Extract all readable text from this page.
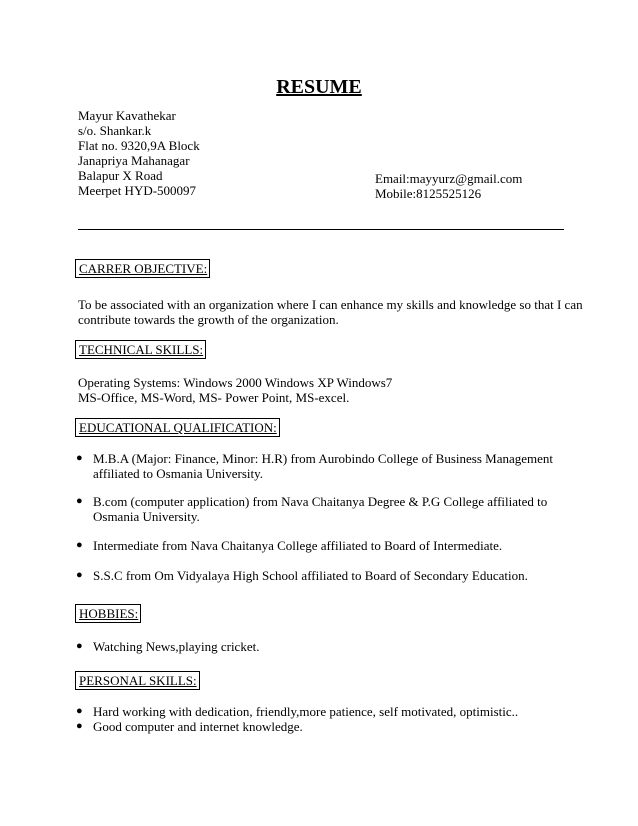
RESUME
Mayur Kavathekar
s/o. Shankar.k
Flat no. 9320,9A Block
Janapriya Mahanagar
Balapur X Road
Meerpet HYD-500097
Email:mayyurz@gmail.com
Mobile:8125525126
CARRER OBJECTIVE:
To be associated with an organization where I can enhance my skills and knowledge so that I can
contribute towards the growth of the organization.
TECHNICAL SKILLS:
Operating Systems: Windows 2000 Windows XP Windows7
MS-Office, MS-Word, MS- Power Point, MS-excel.
EDUCATIONAL QUALIFICATION:
● M.B.A (Major: Finance, Minor: H.R) from Aurobindo College of Business Management
affiliated to Osmania University.
● B.com (computer application) from Nava Chaitanya Degree & P.G College affiliated to
Osmania University.
● Intermediate from Nava Chaitanya College affiliated to Board of Intermediate.
● S.S.C from Om Vidyalaya High School affiliated to Board of Secondary Education.
HOBBIES:
● Watching News,playing cricket.
PERSONAL SKILLS:
● Hard working with dedication, friendly,more patience, self motivated, optimistic..
● Good computer and internet knowledge.
